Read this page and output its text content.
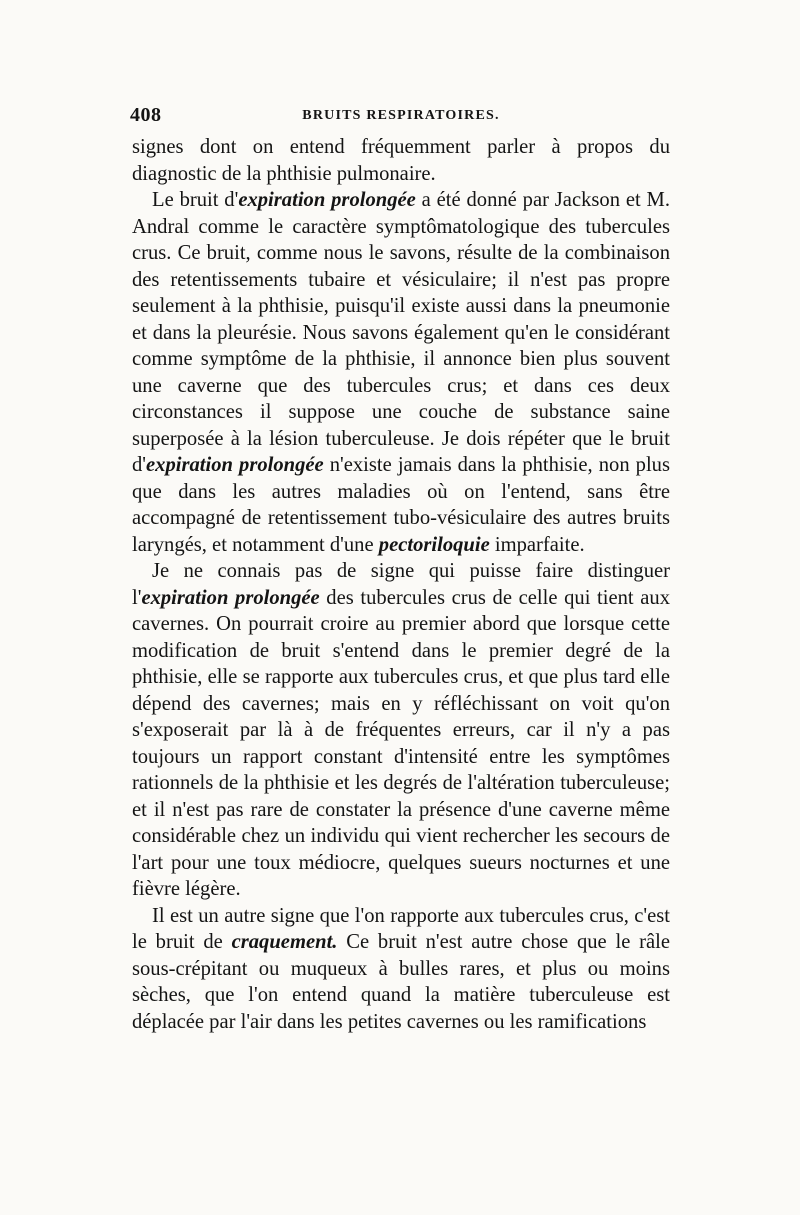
408	BRUITS RESPIRATOIRES.

signes dont on entend fréquemment parler à propos du diagnostic de la phthisie pulmonaire.

Le bruit d'expiration prolongée a été donné par Jackson et M. Andral comme le caractère symptômatologique des tubercules crus. Ce bruit, comme nous le savons, résulte de la combinaison des retentissements tubaire et vésiculaire; il n'est pas propre seulement à la phthisie, puisqu'il existe aussi dans la pneumonie et dans la pleurésie. Nous savons également qu'en le considérant comme symptôme de la phthisie, il annonce bien plus souvent une caverne que des tubercules crus; et dans ces deux circonstances il suppose une couche de substance saine superposée à la lésion tuberculeuse. Je dois répéter que le bruit d'expiration prolongée n'existe jamais dans la phthisie, non plus que dans les autres maladies où on l'entend, sans être accompagné de retentissement tubo-vésiculaire des autres bruits laryngés, et notamment d'une pectoriloquie imparfaite.

Je ne connais pas de signe qui puisse faire distinguer l'expiration prolongée des tubercules crus de celle qui tient aux cavernes. On pourrait croire au premier abord que lorsque cette modification de bruit s'entend dans le premier degré de la phthisie, elle se rapporte aux tubercules crus, et que plus tard elle dépend des cavernes; mais en y réfléchissant on voit qu'on s'exposerait par là à de fréquentes erreurs, car il n'y a pas toujours un rapport constant d'intensité entre les symptômes rationnels de la phthisie et les degrés de l'altération tuberculeuse; et il n'est pas rare de constater la présence d'une caverne même considérable chez un individu qui vient rechercher les secours de l'art pour une toux médiocre, quelques sueurs nocturnes et une fièvre légère.

Il est un autre signe que l'on rapporte aux tubercules crus, c'est le bruit de craquement. Ce bruit n'est autre chose que le râle sous-crépitant ou muqueux à bulles rares, et plus ou moins sèches, que l'on entend quand la matière tuberculeuse est déplacée par l'air dans les petites cavernes ou les ramifications
